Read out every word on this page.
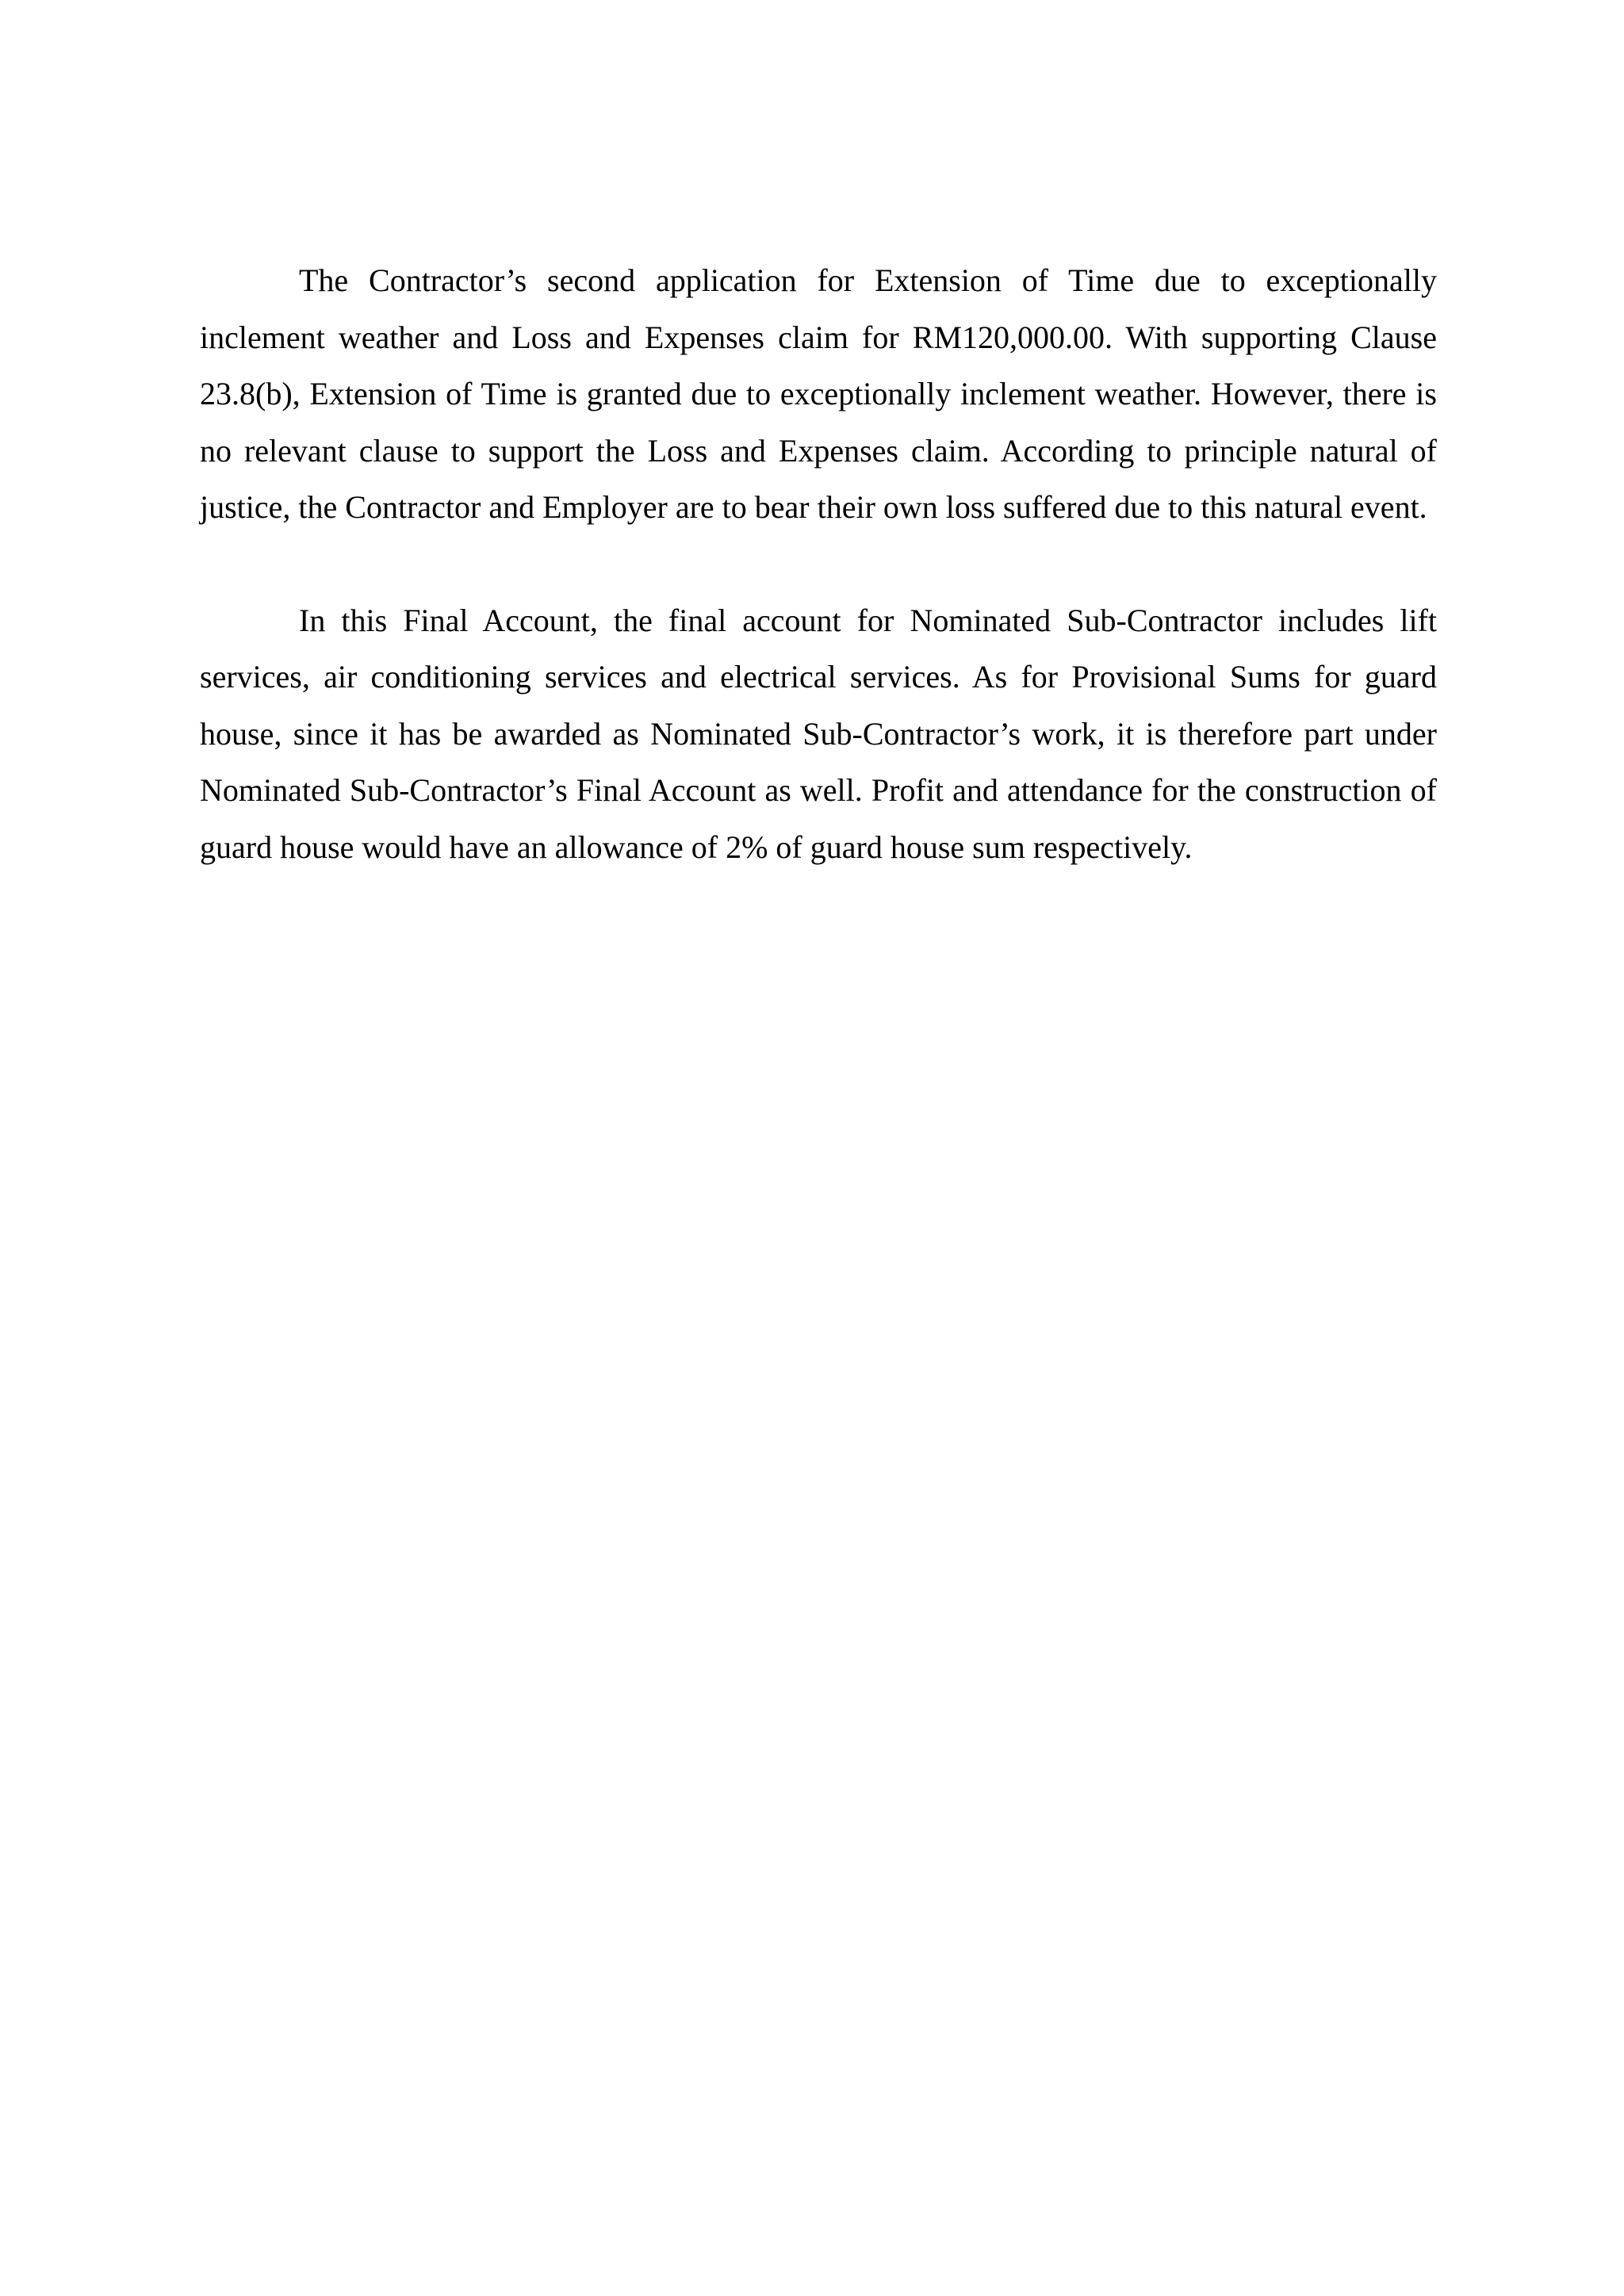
The Contractor’s second application for Extension of Time due to exceptionally inclement weather and Loss and Expenses claim for RM120,000.00. With supporting Clause 23.8(b), Extension of Time is granted due to exceptionally inclement weather. However, there is no relevant clause to support the Loss and Expenses claim. According to principle natural of justice, the Contractor and Employer are to bear their own loss suffered due to this natural event.

In this Final Account, the final account for Nominated Sub-Contractor includes lift services, air conditioning services and electrical services. As for Provisional Sums for guard house, since it has be awarded as Nominated Sub-Contractor’s work, it is therefore part under Nominated Sub-Contractor’s Final Account as well. Profit and attendance for the construction of guard house would have an allowance of 2% of guard house sum respectively.
